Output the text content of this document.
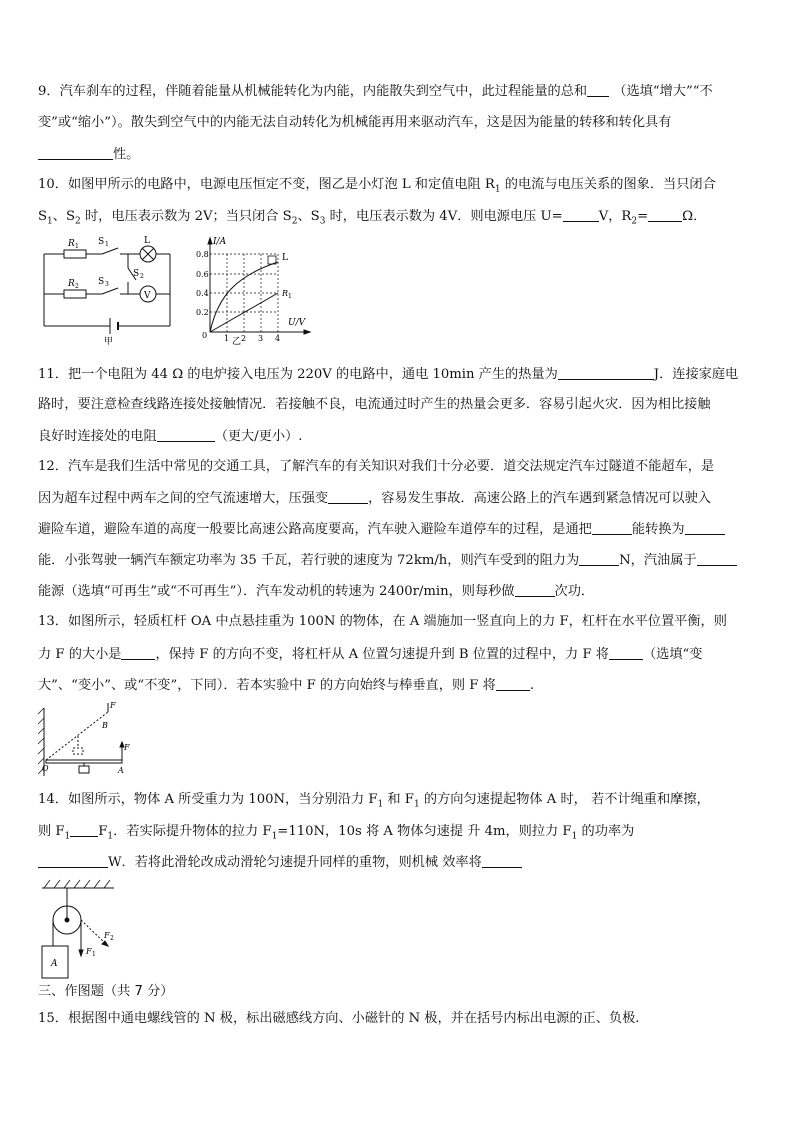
9．汽车刹车的过程，伴随着能量从机械能转化为内能，内能散失到空气中，此过程能量的总和 （选填“增大”“不
变”或“缩小”）。散失到空气中的内能无法自动转化为机械能再用来驱动汽车，这是因为能量的转移和转化具有
性。
10．如图甲所示的电路中，电源电压恒定不变，图乙是小灯泡 L 和定值电阻 $R_1$ 的电流与电压关系的图象．当只闭合
$S_1$、$S_2$ 时，电压表示数为 2V；当只闭合 $S_2$、$S_3$ 时，电压表示数为 4V．则电源电压 U=	V，$R_2=$	Ω．
R 1
R 2
S 1
S 2
S 3
L
V
甲
I/A
0.8
0.6
0.4
0.2
0 1 2 3 4
U/V
L
R 1
乙
11．把一个电阻为 44 Ω 的电炉接入电压为 220V 的电路中，通电 10min 产生的热量为	J．连接家庭电
路时，要注意检查线路连接处接触情况．若接触不良，电流通过时产生的热量会更多．容易引起火灾．因为相比接触
良好时连接处的电阻	（更大/更小）.
12．汽车是我们生活中常见的交通工具，了解汽车的有关知识对我们十分必要．道交法规定汽车过隧道不能超车，是
因为超车过程中两车之间的空气流速增大，压强变	，容易发生事故．高速公路上的汽车遇到紧急情况可以驶入
避险车道，避险车道的高度一般要比高速公路高度要高，汽车驶入避险车道停车的过程，是通把	能转换为
能．小张驾驶一辆汽车额定功率为 35 千瓦，若行驶的速度为 72km/h，则汽车受到的阻力为	N，汽油属于
能源（选填“可再生”或“不可再生”）．汽车发动机的转速为 2400r/min，则每秒做	次功．
13．如图所示，轻质杠杆 OA 中点悬挂重为 100N 的物体，在 A 端施加一竖直向上的力 F，杠杆在水平位置平衡，则
力 F 的大小是	，保持 F 的方向不变，将杠杆从 A 位置匀速提升到 B 位置的过程中，力 F 将	（选填“变
大”、“变小”、或“不变”，下同）．若本实验中 F 的方向始终与棒垂直，则 F 将	.
O	A
B
F
F
14．如图所示，物体 A 所受重力为 100N，当分别沿力 $F_1$ 和 $F_1$ 的方向匀速提起物体 A 时， 若不计绳重和摩擦，
则 $F_1$ $F_1$．若实际提升物体的拉力 $F_1=110N$，10s 将 A 物体匀速提 升 4m，则拉力 $F_1$ 的功率为
W．若将此滑轮改成动滑轮匀速提升同样的重物，则机械 效率将
A
F 1
F 2
三、作图题（共 7 分）
15．根据图中通电螺线管的 N 极，标出磁感线方向、小磁针的 N 极，并在括号内标出电源的正、负极.
